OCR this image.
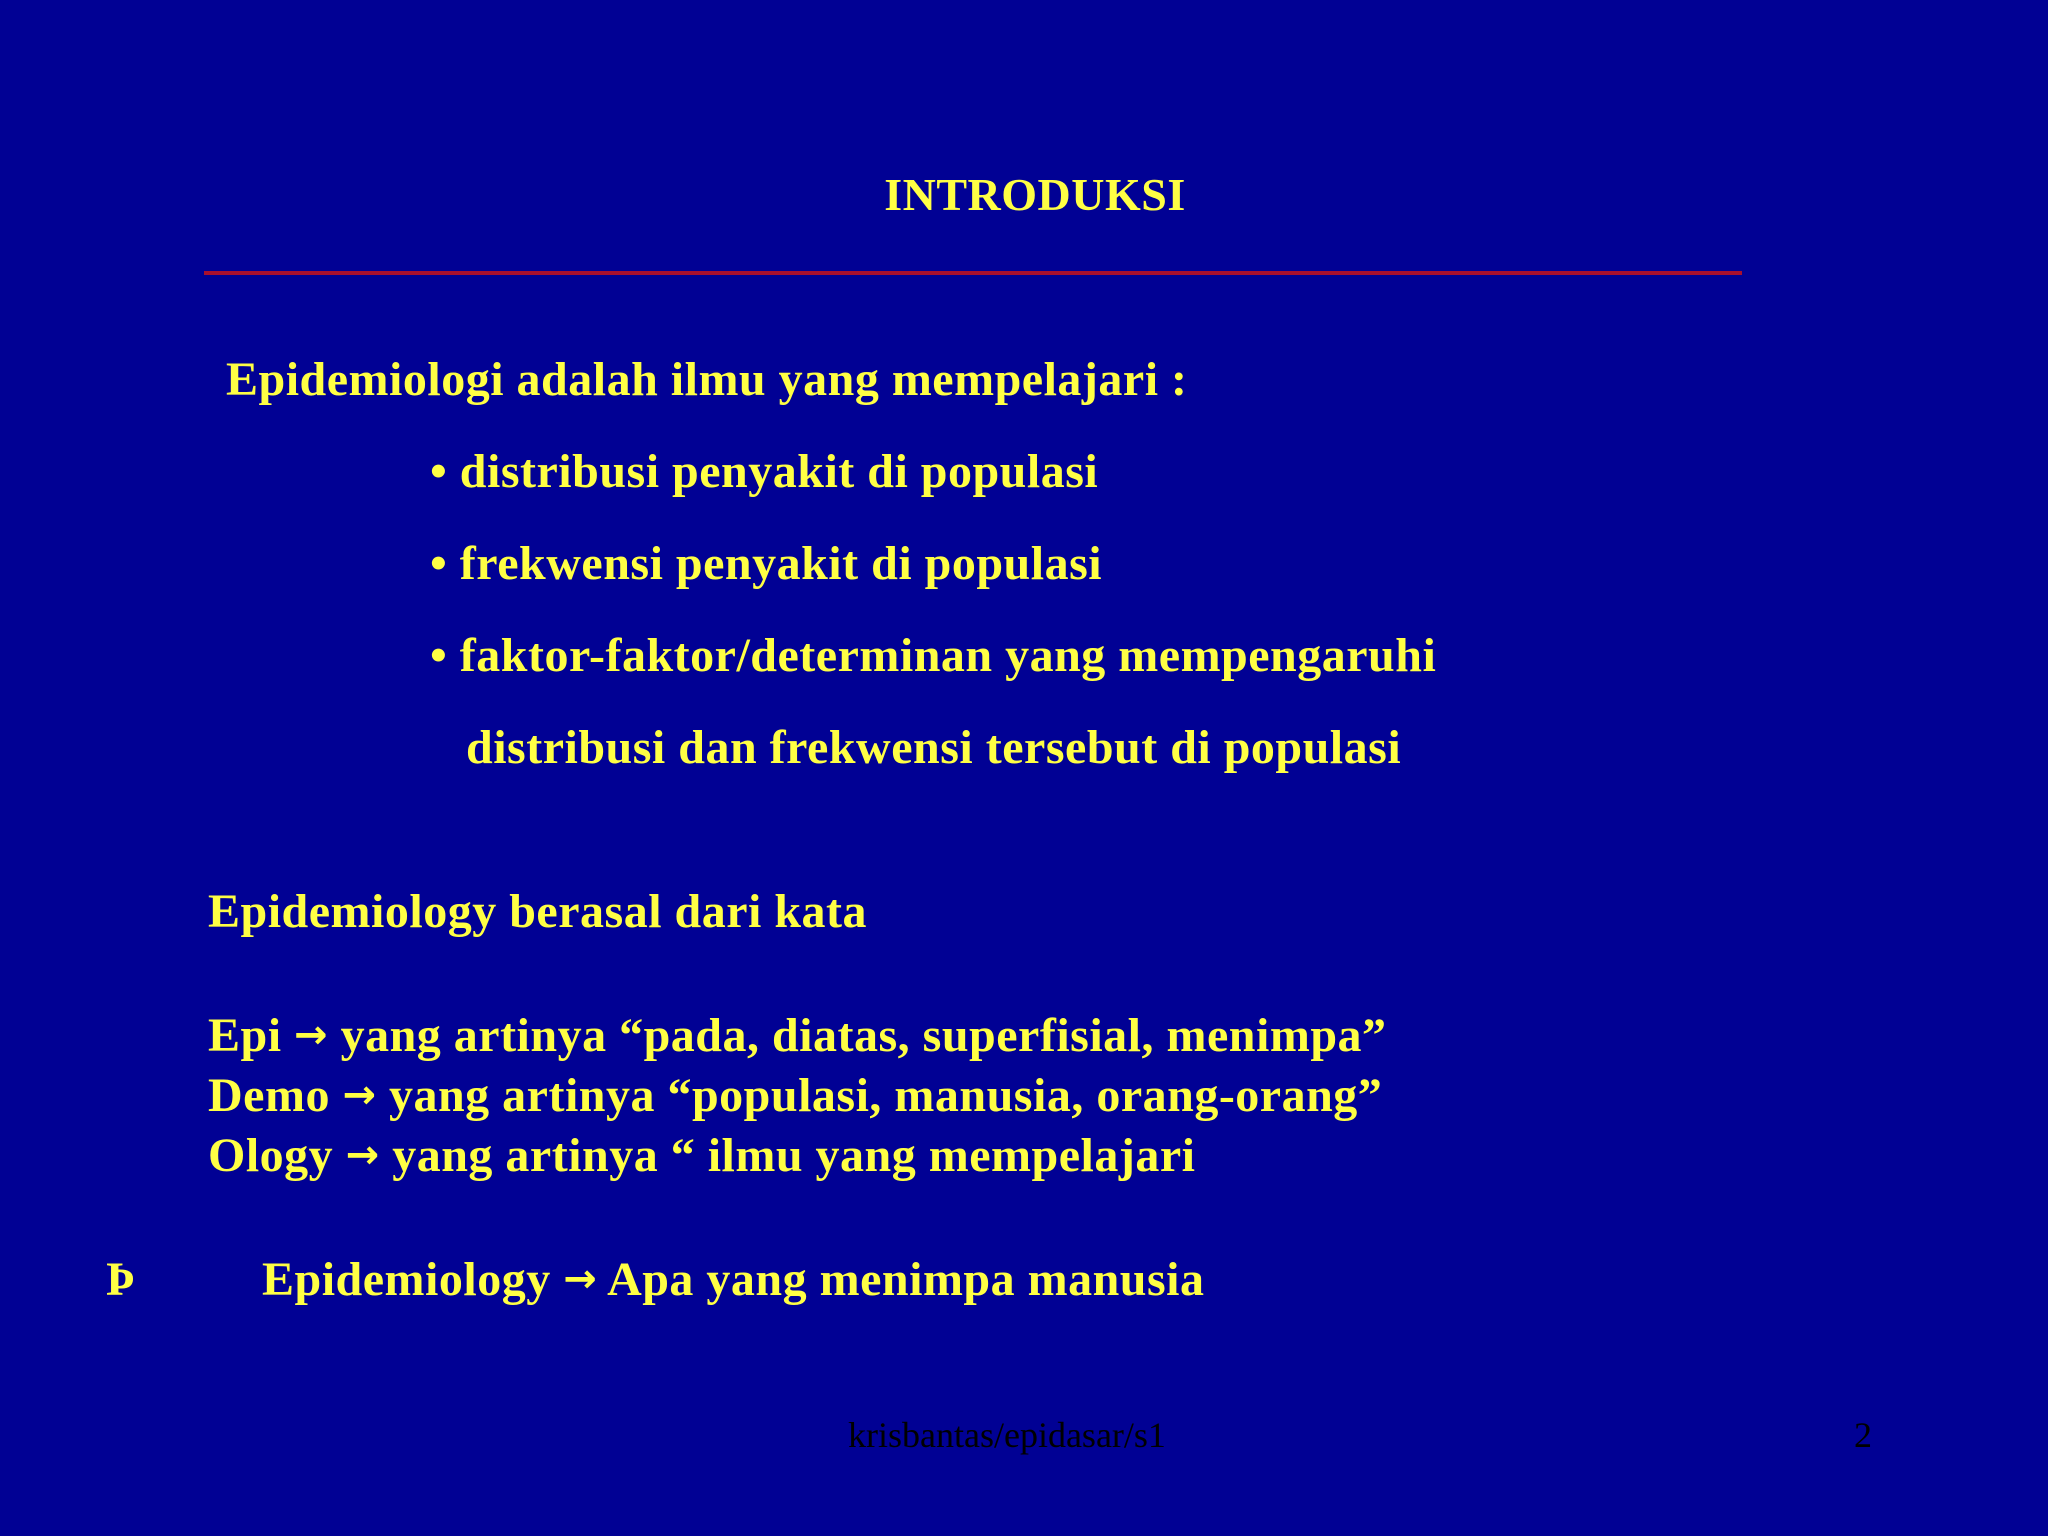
INTRODUKSI
Epidemiologi adalah ilmu yang mempelajari :
• distribusi penyakit di populasi
• frekwensi penyakit di populasi
• faktor-faktor/determinan yang mempengaruhi
distribusi dan frekwensi tersebut di populasi
Epidemiology berasal dari kata
Epi → yang artinya “pada, diatas, superfisial, menimpa”
Demo → yang artinya “populasi, manusia, orang-orang”
Ology → yang artinya “ ilmu yang mempelajari
Þ	Epidemiology → Apa yang menimpa manusia
krisbantas/epidasar/s1	2
